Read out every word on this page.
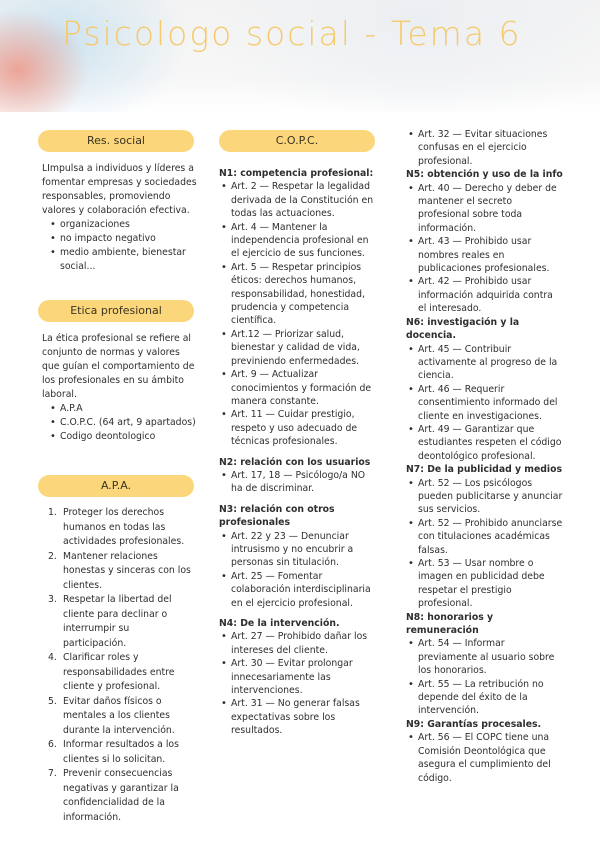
Psicologo social - Tema 6
Res. social

LImpulsa a individuos y líderes a fomentar empresas y sociedades responsables, promoviendo valores y colaboración efectiva.

• organizaciones

• no impacto negativo

• medio ambiente, bienestar social...

Etica profesional

La ética profesional se refiere al conjunto de normas y valores que guían el comportamiento de los profesionales en su ámbito laboral.

• A.P.A

• C.O.P.C. (64 art, 9 apartados)

• Codigo deontologico

A.P.A.

1. Proteger los derechos humanos en todas las actividades profesionales.

2. Mantener relaciones honestas y sinceras con los clientes.

3. Respetar la libertad del cliente para declinar o interrumpir su participación.

4. Clarificar roles y responsabilidades entre cliente y profesional.

5. Evitar daños físicos o mentales a los clientes durante la intervención.

6. Informar resultados a los clientes si lo solicitan.

7. Prevenir consecuencias negativas y garantizar la confidencialidad de la información.

C.O.P.C.

N1: competencia profesional:

• Art. 2 — Respetar la legalidad derivada de la Constitución en todas las actuaciones.

• Art. 4 — Mantener la independencia profesional en el ejercicio de sus funciones.

• Art. 5 — Respetar principios éticos: derechos humanos, responsabilidad, honestidad, prudencia y competencia científica.

• Art.12 — Priorizar salud, bienestar y calidad de vida, previniendo enfermedades.

• Art. 9 — Actualizar conocimientos y formación de manera constante.

• Art. 11 — Cuidar prestigio, respeto y uso adecuado de técnicas profesionales.

N2: relación con los usuarios

• Art. 17, 18 — Psicólogo/a NO ha de discriminar.

N3: relación con otros profesionales

• Art. 22 y 23 — Denunciar intrusismo y no encubrir a personas sin titulación.

• Art. 25 — Fomentar colaboración interdisciplinaria en el ejercicio profesional.

N4: De la intervención.

• Art. 27 — Prohibido dañar los intereses del cliente.

• Art. 30 — Evitar prolongar innecesariamente las intervenciones.

• Art. 31 — No generar falsas expectativas sobre los resultados.

• Art. 32 — Evitar situaciones confusas en el ejercicio profesional.

N5: obtención y uso de la info

• Art. 40 — Derecho y deber de mantener el secreto profesional sobre toda información.

• Art. 43 — Prohibido usar nombres reales en publicaciones profesionales.

• Art. 42 — Prohibido usar información adquirida contra el interesado.

N6: investigación y la docencia.

• Art. 45 — Contribuir activamente al progreso de la ciencia.

• Art. 46 — Requerir consentimiento informado del cliente en investigaciones.

• Art. 49 — Garantizar que estudiantes respeten el código deontológico profesional.

N7: De la publicidad y medios

• Art. 52 — Los psicólogos pueden publicitarse y anunciar sus servicios.

• Art. 52 — Prohibido anunciarse con titulaciones académicas falsas.

• Art. 53 — Usar nombre o imagen en publicidad debe respetar el prestigio profesional.

N8: honorarios y remuneración

• Art. 54 — Informar previamente al usuario sobre los honorarios.

• Art. 55 — La retribución no depende del éxito de la intervención.

N9: Garantías procesales.

• Art. 56 — El COPC tiene una Comisión Deontológica que asegura el cumplimiento del código.
